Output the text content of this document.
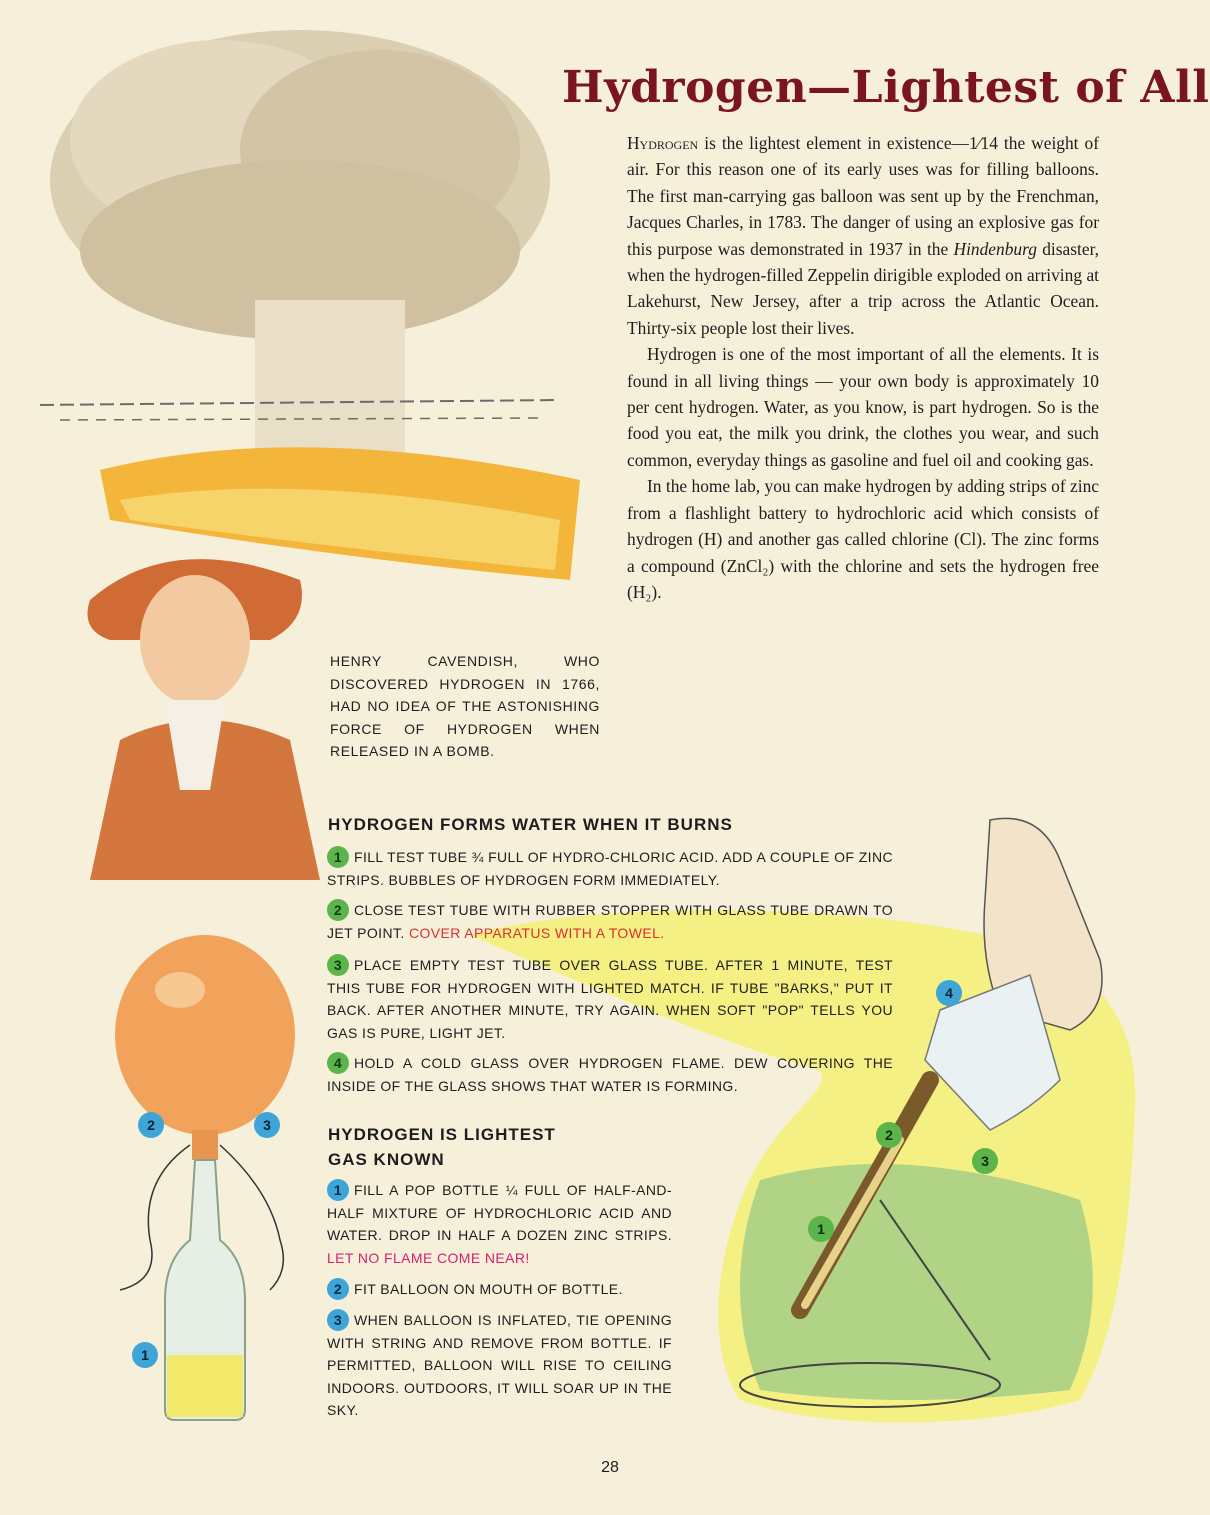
Hydrogen—Lightest of All

Hydrogen is the lightest element in existence—1⁄14 the weight of air. For this reason one of its early uses was for filling balloons. The first man-carrying gas balloon was sent up by the Frenchman, Jacques Charles, in 1783. The danger of using an explosive gas for this purpose was demonstrated in 1937 in the Hindenburg disaster, when the hydrogen-filled Zeppelin dirigible exploded on arriving at Lakehurst, New Jersey, after a trip across the Atlantic Ocean. Thirty-six people lost their lives.

Hydrogen is one of the most important of all the elements. It is found in all living things — your own body is approximately 10 per cent hydrogen. Water, as you know, is part hydrogen. So is the food you eat, the milk you drink, the clothes you wear, and such common, everyday things as gasoline and fuel oil and cooking gas.

In the home lab, you can make hydrogen by adding strips of zinc from a flashlight battery to hydrochloric acid which consists of hydrogen (H) and another gas called chlorine (Cl). The zinc forms a compound (ZnCl₂) with the chlorine and sets the hydrogen free (H₂).

HENRY CAVENDISH, WHO DISCOVERED HYDROGEN IN 1766, HAD NO IDEA OF THE ASTONISHING FORCE OF HYDROGEN WHEN RELEASED IN A BOMB.
HYDROGEN FORMS WATER WHEN IT BURNS
1 FILL TEST TUBE ¾ FULL OF HYDRO-CHLORIC ACID. ADD A COUPLE OF ZINC STRIPS. BUBBLES OF HYDROGEN FORM IMMEDIATELY.
2 CLOSE TEST TUBE WITH RUBBER STOPPER WITH GLASS TUBE DRAWN TO JET POINT. COVER APPARATUS WITH A TOWEL.
3 PLACE EMPTY TEST TUBE OVER GLASS TUBE. AFTER 1 MINUTE, TEST THIS TUBE FOR HYDROGEN WITH LIGHTED MATCH. IF TUBE "BARKS," PUT IT BACK. AFTER ANOTHER MINUTE, TRY AGAIN. WHEN SOFT "POP" TELLS YOU GAS IS PURE, LIGHT JET.
4 HOLD A COLD GLASS OVER HYDROGEN FLAME. DEW COVERING THE INSIDE OF THE GLASS SHOWS THAT WATER IS FORMING.
HYDROGEN IS LIGHTEST GAS KNOWN
1 FILL A POP BOTTLE ¼ FULL OF HALF-AND-HALF MIXTURE OF HYDROCHLORIC ACID AND WATER. DROP IN HALF A DOZEN ZINC STRIPS. LET NO FLAME COME NEAR!
2 FIT BALLOON ON MOUTH OF BOTTLE.
3 WHEN BALLOON IS INFLATED, TIE OPENING WITH STRING AND REMOVE FROM BOTTLE. IF PERMITTED, BALLOON WILL RISE TO CEILING INDOORS. OUTDOORS, IT WILL SOAR UP IN THE SKY.
2	3
1
4
2
3
1
28
